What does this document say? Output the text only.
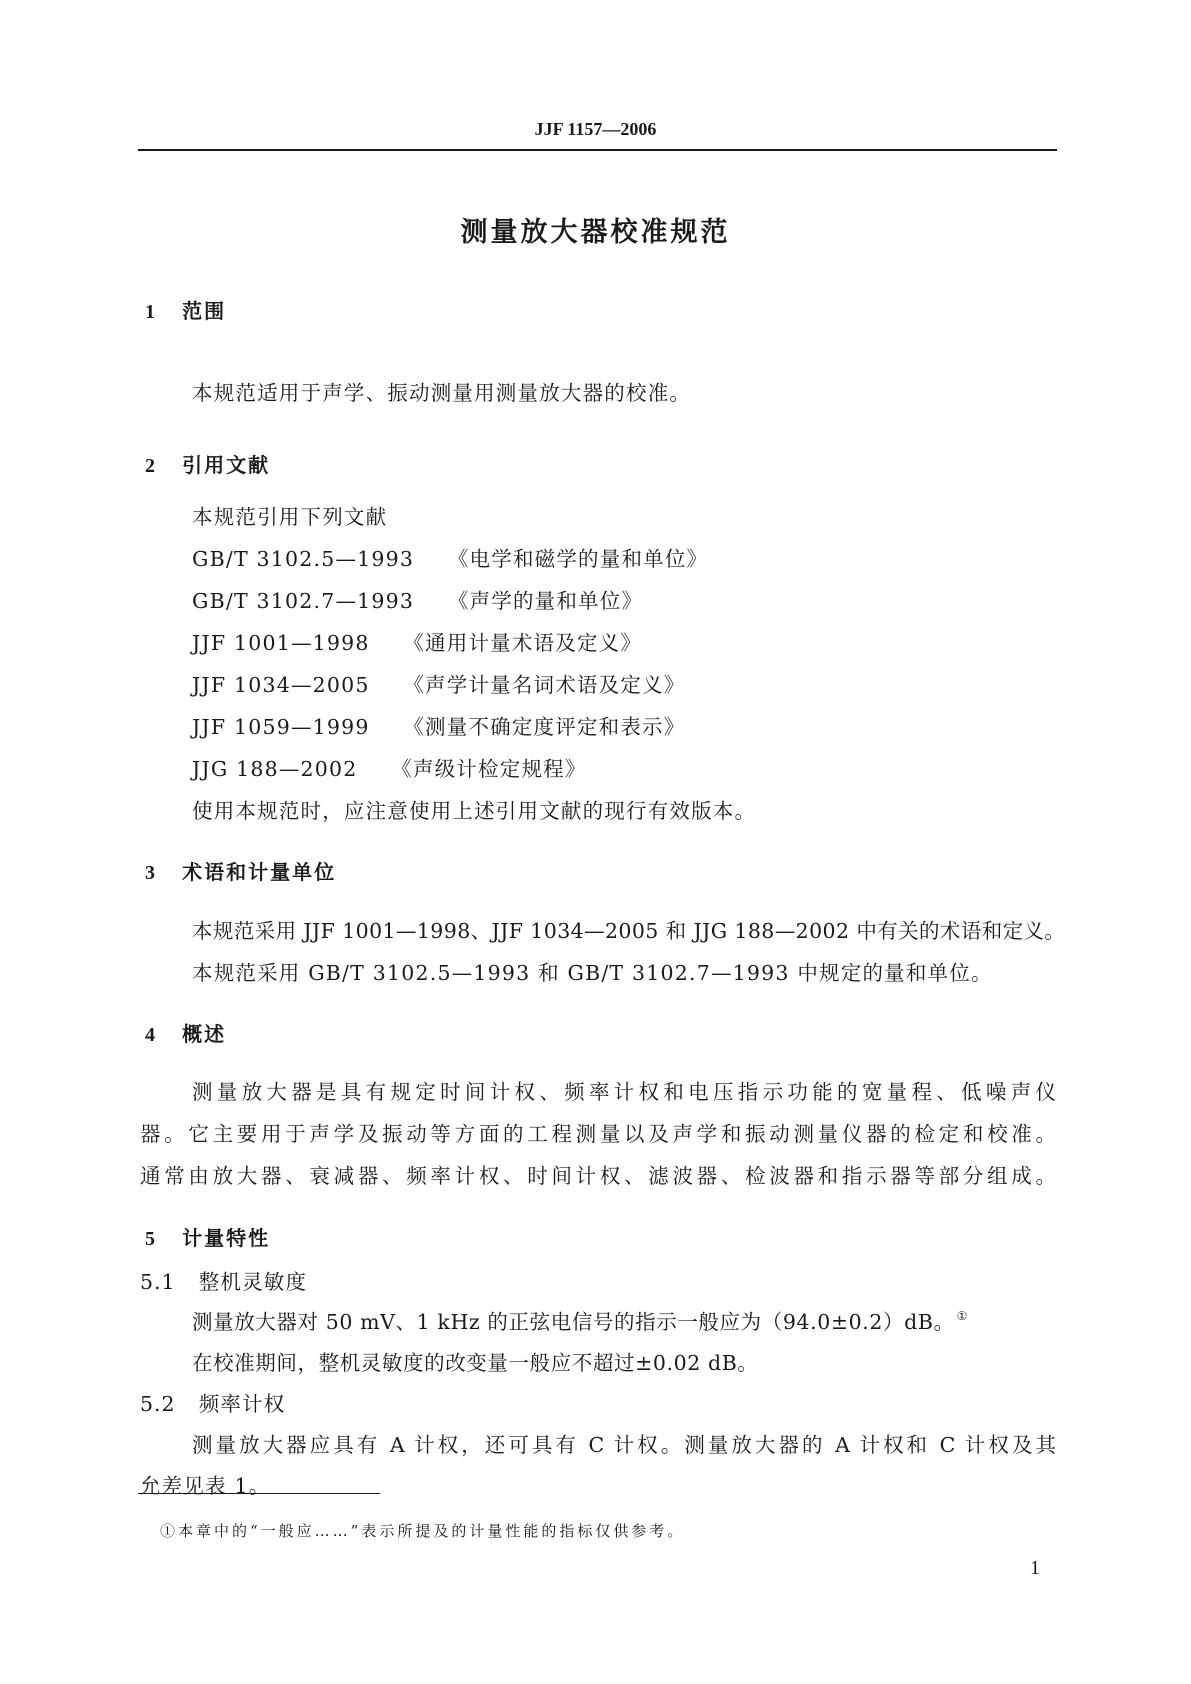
JJF 1157—2006
测量放大器校准规范
1 范围
本规范适用于声学、振动测量用测量放大器的校准。
2 引用文献
本规范引用下列文献
GB/T 3102.5—1993 《电学和磁学的量和单位》
GB/T 3102.7—1993 《声学的量和单位》
JJF 1001—1998 《通用计量术语及定义》
JJF 1034—2005 《声学计量名词术语及定义》
JJF 1059—1999 《测量不确定度评定和表示》
JJG 188—2002 《声级计检定规程》
使用本规范时，应注意使用上述引用文献的现行有效版本。
3 术语和计量单位
本规范采用 JJF 1001—1998、JJF 1034—2005 和 JJG 188—2002 中有关的术语和定义。
本规范采用 GB/T 3102.5—1993 和 GB/T 3102.7—1993 中规定的量和单位。
4 概述
测量放大器是具有规定时间计权、频率计权和电压指示功能的宽量程、低噪声仪
器。它主要用于声学及振动等方面的工程测量以及声学和振动测量仪器的检定和校准。
通常由放大器、衰减器、频率计权、时间计权、滤波器、检波器和指示器等部分组成。
5 计量特性
5.1 整机灵敏度
测量放大器对 50 mV、1 kHz 的正弦电信号的指示一般应为（94.0±0.2）dB。 ①
在校准期间，整机灵敏度的改变量一般应不超过±0.02 dB。
5.2 频率计权
测量放大器应具有 A 计权，还可具有 C 计权。测量放大器的 A 计权和 C 计权及其
允差见表 1。
①本章中的“一般应……”表示所提及的计量性能的指标仅供参考。
1
